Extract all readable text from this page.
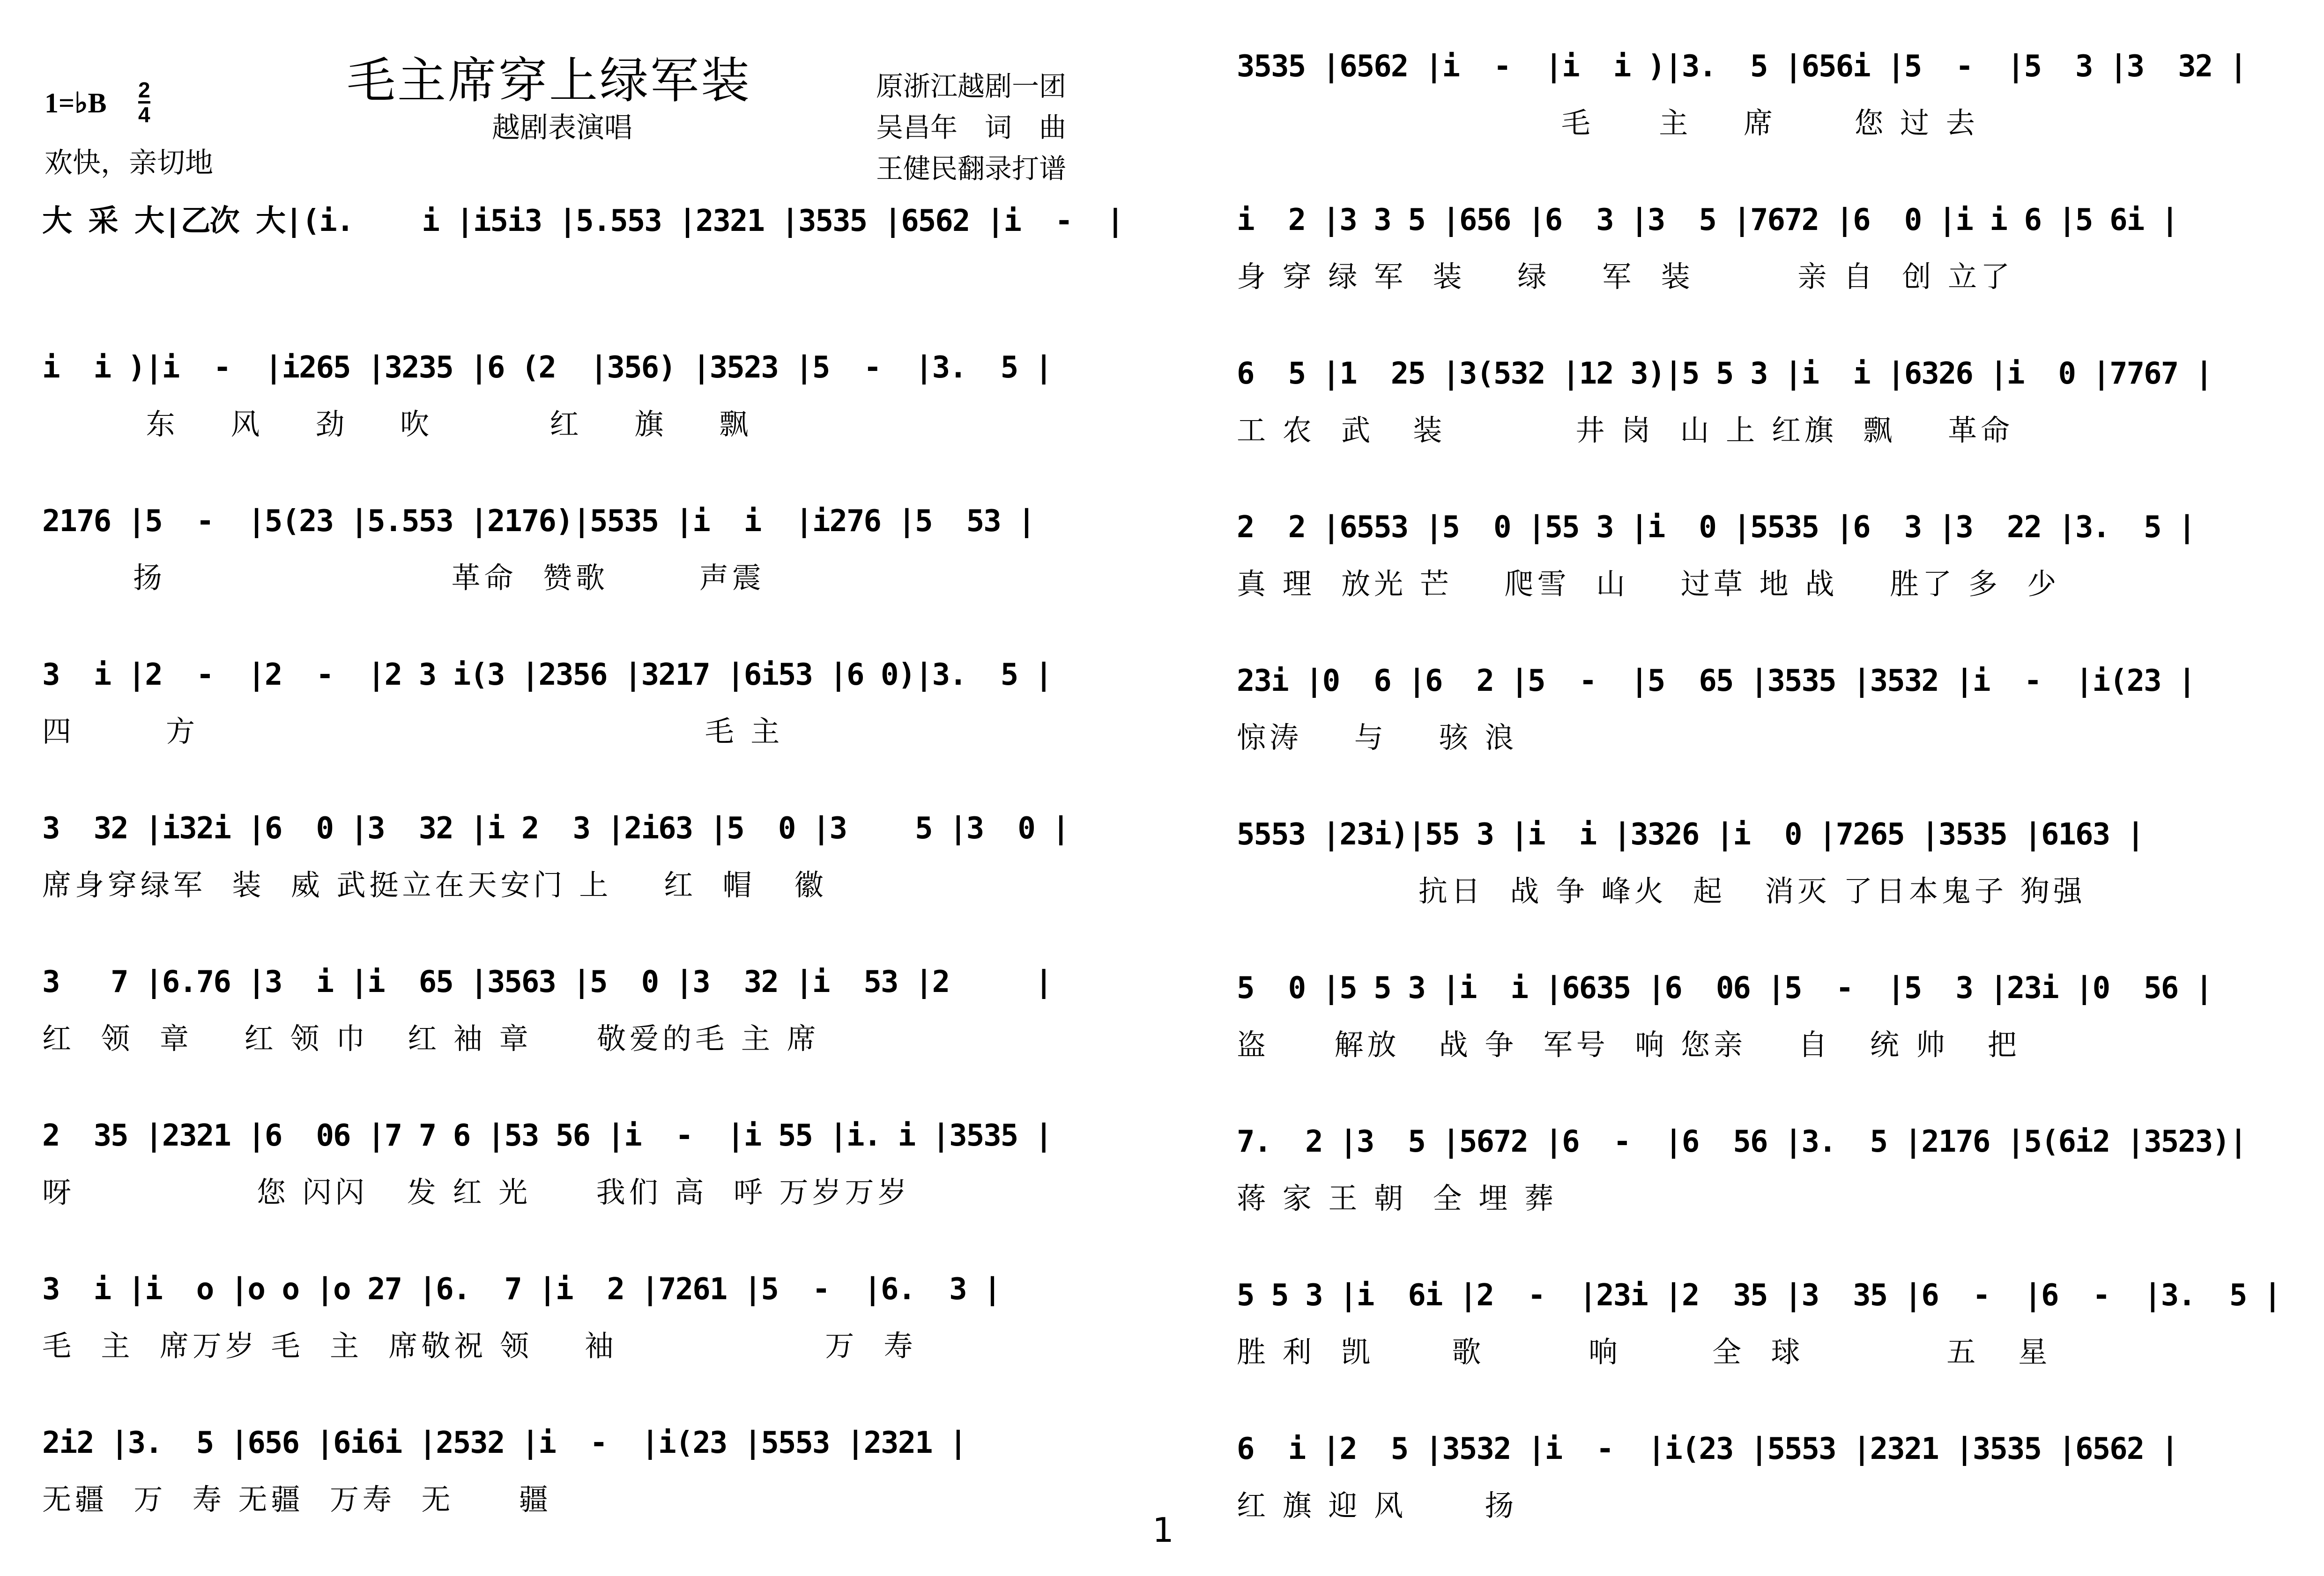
毛主席穿上绿军装
越剧表演唱
1=♭B $\frac{2}{4}$
欢快，亲切地
原浙江越剧一团
吴昌年　词　曲
王健民翻录打谱
大 采 大|乙次 大|(i.    i |i5i3 |5.553 |2321 |3535 |6562 |i  -  |
i  i )|i  -  |i265 |3235 |6 (2  |356) |3523 |5  -  |3.  5 |
东    风    劲    吹         红    旗    飘
2176 |5  -  |5(23 |5.553 |2176)|5535 |i  i  |i276 |5  53 |
扬                      革命  赞歌       声震
3  i |2  -  |2  -  |2 3 i(3 |2356 |3217 |6i53 |6 0)|3.  5 |
四       方                                       毛 主
3  32 |i32i |6  0 |3  32 |i 2  3 |2i63 |5  0 |3    5 |3  0 |
席身穿绿军  装  威 武挺立在天安门 上    红  帽   徽
3   7 |6.76 |3  i |i  65 |3563 |5  0 |3  32 |i  53 |2     |
红  领  章    红 领 巾   红 袖 章     敬爱的毛 主 席
2  35 |2321 |6  06 |7 7 6 |53 56 |i  -  |i 55 |i. i |3535 |
呀              您 闪闪   发 红 光     我们 高  呼 万岁万岁
3  i |i  o |o o |o 27 |6.  7 |i  2 |7261 |5  -  |6.  3 |
毛  主  席万岁 毛  主  席敬祝 领    袖                万  寿
2i2 |3.  5 |656 |6i6i |2532 |i  -  |i(23 |5553 |2321 |
无疆  万  寿 无疆  万寿  无     疆
3535 |6562 |i  -  |i  i )|3.  5 |656i |5  -  |5  3 |3  32 |
毛     主    席      您 过 去
i  2 |3 3 5 |656 |6  3 |3  5 |7672 |6  0 |i i 6 |5 6i |
身 穿 绿 军  装    绿    军  装        亲 自  创 立了
6  5 |1  25 |3(532 |12 3)|5 5 3 |i  i |6326 |i  0 |7767 |
工 农  武   装          井 岗  山 上 红旗  飘    革命
2  2 |6553 |5  0 |55 3 |i  0 |5535 |6  3 |3  22 |3.  5 |
真 理  放光 芒    爬雪  山    过草 地 战    胜了 多  少
23i |0  6 |6  2 |5  -  |5  65 |3535 |3532 |i  -  |i(23 |
惊涛    与    骇 浪
5553 |23i)|55 3 |i  i |3326 |i  0 |7265 |3535 |6163 |
抗日  战 争 峰火  起   消灭 了日本鬼子 狗强
5  0 |5 5 3 |i  i |6635 |6  06 |5  -  |5  3 |23i |0  56 |
盗     解放   战 争  军号  响 您亲    自   统 帅   把
7.  2 |3  5 |5672 |6  -  |6  56 |3.  5 |2176 |5(6i2 |3523)|
蒋 家 王 朝  全 埋 葬
5 5 3 |i  6i |2  -  |23i |2  35 |3  35 |6  -  |6  -  |3.  5 |
胜 利  凯      歌        响       全  球           五   星
6  i |2  5 |3532 |i  -  |i(23 |5553 |2321 |3535 |6562 |
红 旗 迎 风      扬
1
